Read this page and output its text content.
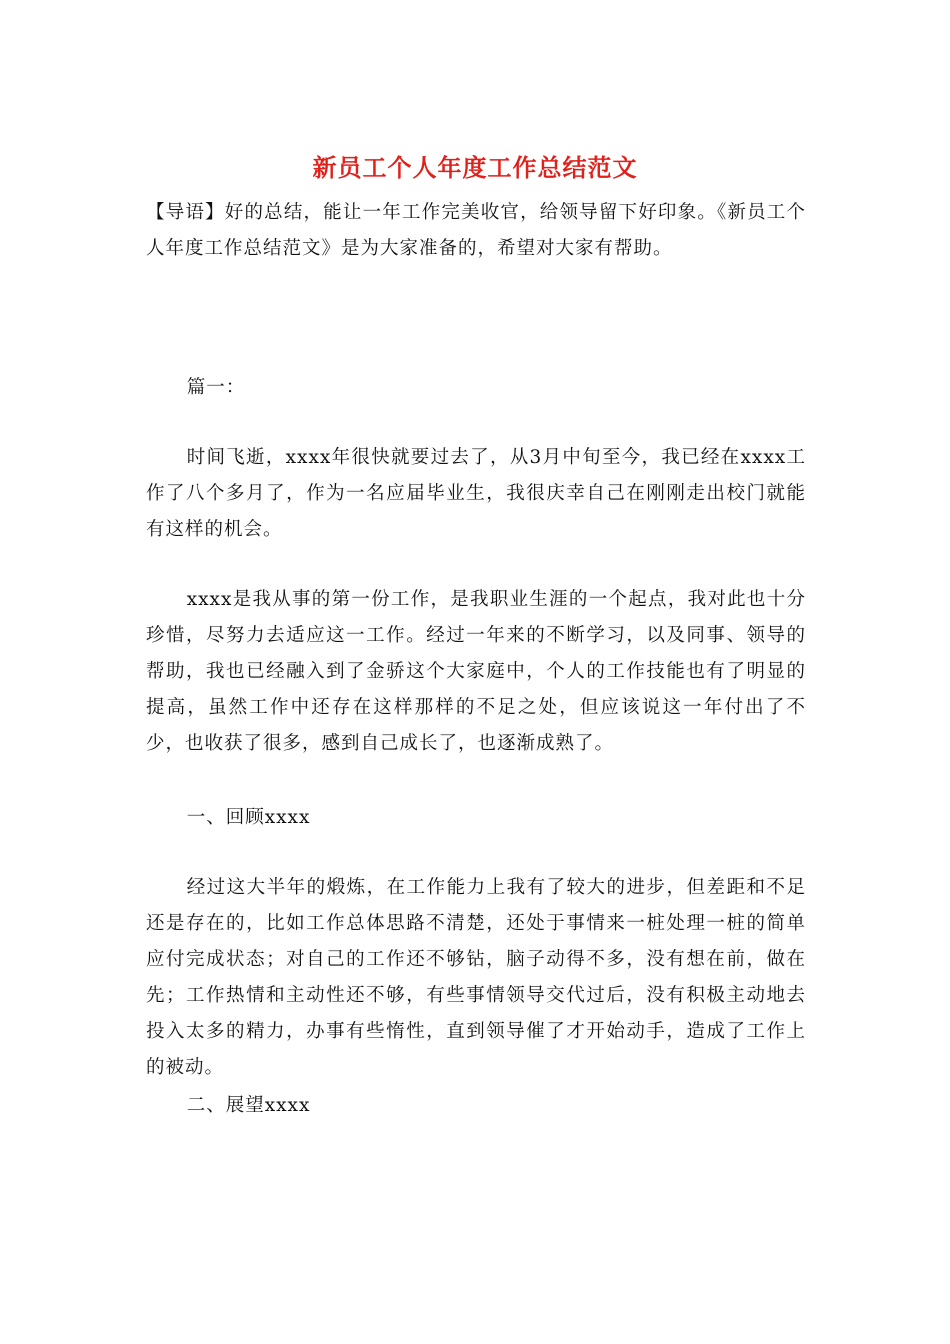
新员工个人年度工作总结范文

【导语】好的总结，能让一年工作完美收官，给领导留下好印象。《新员工个人年度工作总结范文》是为大家准备的，希望对大家有帮助。

篇一：

时间飞逝，xxxx年很快就要过去了，从3月中旬至今，我已经在xxxx工作了八个多月了，作为一名应届毕业生，我很庆幸自己在刚刚走出校门就能有这样的机会。

xxxx是我从事的第一份工作，是我职业生涯的一个起点，我对此也十分珍惜，尽努力去适应这一工作。经过一年来的不断学习，以及同事、领导的帮助，我也已经融入到了金骄这个大家庭中，个人的工作技能也有了明显的提高，虽然工作中还存在这样那样的不足之处，但应该说这一年付出了不少，也收获了很多，感到自己成长了，也逐渐成熟了。

一、回顾xxxx

经过这大半年的煅炼，在工作能力上我有了较大的进步，但差距和不足还是存在的，比如工作总体思路不清楚，还处于事情来一桩处理一桩的简单应付完成状态；对自己的工作还不够钻，脑子动得不多，没有想在前，做在先；工作热情和主动性还不够，有些事情领导交代过后，没有积极主动地去投入太多的精力，办事有些惰性，直到领导催了才开始动手，造成了工作上的被动。

二、展望xxxx
